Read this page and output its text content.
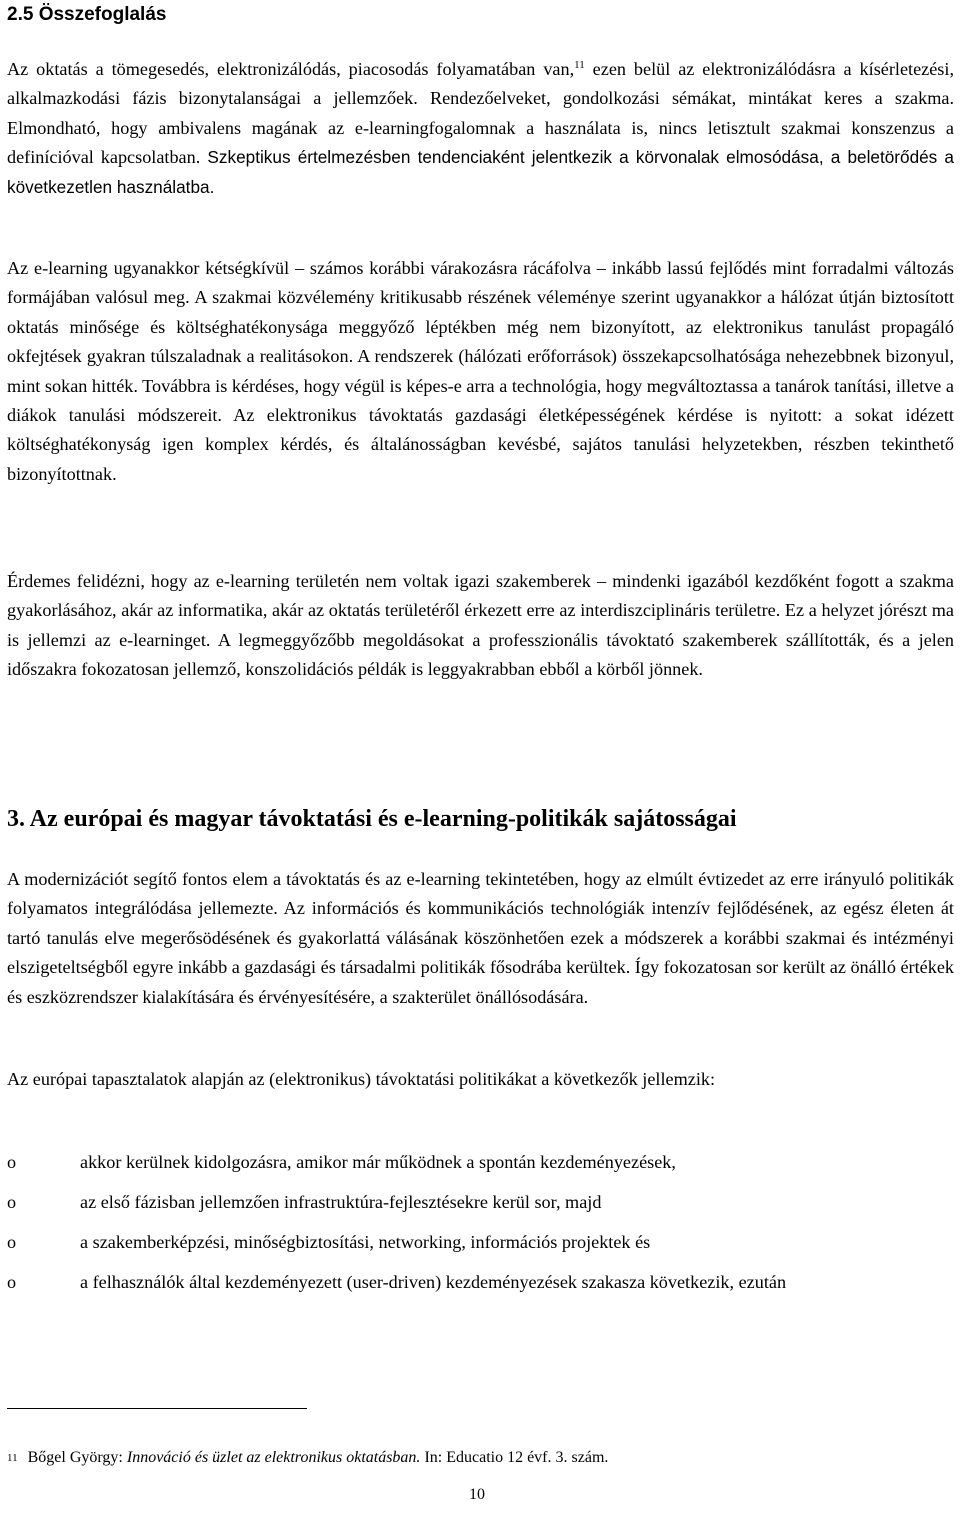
2.5 Összefoglalás

Az oktatás a tömegesedés, elektronizálódás, piacosodás folyamatában van,$^{11}$ ezen belül az elektronizálódásra a kísérletezési, alkalmazkodási fázis bizonytalanságai a jellemzőek. Rendezőelveket, gondolkozási sémákat, mintákat keres a szakma. Elmondható, hogy ambivalens magának az e-learningfogalomnak a használata is, nincs letisztult szakmai konszenzus a definícióval kapcsolatban. Szkeptikus értelmezésben tendenciaként jelentkezik a körvonalak elmosódása, a beletörődés a következetlen használatba.

Az e-learning ugyanakkor kétségkívül – számos korábbi várakozásra rácáfolva – inkább lassú fejlődés mint forradalmi változás formájában valósul meg. A szakmai közvélemény kritikusabb részének véleménye szerint ugyanakkor a hálózat útján biztosított oktatás minősége és költséghatékonysága meggyőző léptékben még nem bizonyított, az elektronikus tanulást propagáló okfejtések gyakran túlszaladnak a realitásokon. A rendszerek (hálózati erőforrások) összekapcsolhatósága nehezebbnek bizonyul, mint sokan hitték. Továbbra is kérdéses, hogy végül is képes-e arra a technológia, hogy megváltoztassa a tanárok tanítási, illetve a diákok tanulási módszereit. Az elektronikus távoktatás gazdasági életképességének kérdése is nyitott: a sokat idézett költséghatékonyság igen komplex kérdés, és általánosságban kevésbé, sajátos tanulási helyzetekben, részben tekinthető bizonyítottnak.

Érdemes felidézni, hogy az e-learning területén nem voltak igazi szakemberek – mindenki igazából kezdőként fogott a szakma gyakorlásához, akár az informatika, akár az oktatás területéről érkezett erre az interdiszciplináris területre. Ez a helyzet jórészt ma is jellemzi az e-learninget. A legmeggyőzőbb megoldásokat a professzionális távoktató szakemberek szállították, és a jelen időszakra fokozatosan jellemző, konszolidációs példák is leggyakrabban ebből a körből jönnek.

3. Az európai és magyar távoktatási és e-learning-politikák sajátosságai

A modernizációt segítő fontos elem a távoktatás és az e-learning tekintetében, hogy az elmúlt évtizedet az erre irányuló politikák folyamatos integrálódása jellemezte. Az információs és kommunikációs technológiák intenzív fejlődésének, az egész életen át tartó tanulás elve megerősödésének és gyakorlattá válásának köszönhetően ezek a módszerek a korábbi szakmai és intézményi elszigeteltségből egyre inkább a gazdasági és társadalmi politikák fősodrába kerültek. Így fokozatosan sor került az önálló értékek és eszközrendszer kialakítására és érvényesítésére, a szakterület önállósodására.

Az európai tapasztalatok alapján az (elektronikus) távoktatási politikákat a következők jellemzik:

o	akkor kerülnek kidolgozásra, amikor már működnek a spontán kezdeményezések,
o	az első fázisban jellemzően infrastruktúra-fejlesztésekre kerül sor, majd
o	a szakemberképzési, minőségbiztosítási, networking, információs projektek és
o	a felhasználók által kezdeményezett (user-driven) kezdeményezések szakasza következik, ezután
$^{11}$ Bőgel György: Innováció és üzlet az elektronikus oktatásban. In: Educatio 12 évf. 3. szám.
10
